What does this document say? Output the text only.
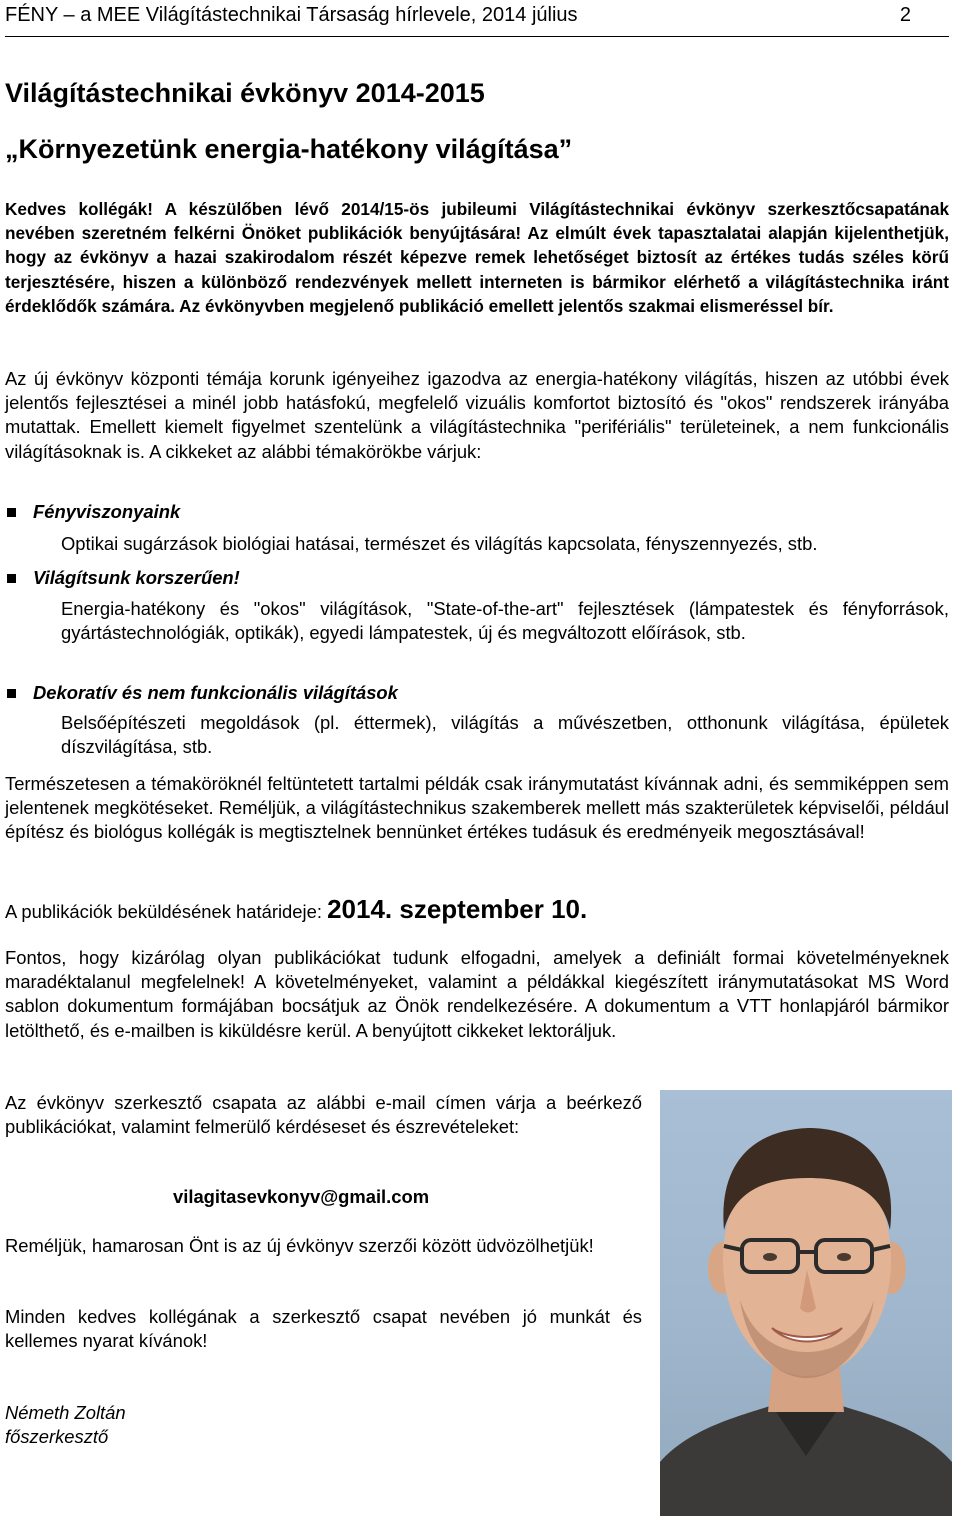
FÉNY – a MEE Világítástechnikai Társaság hírlevele, 2014 július	2
Világítástechnikai évkönyv 2014-2015
„Környezetünk energia-hatékony világítása”
Kedves kollégák! A készülőben lévő 2014/15-ös jubileumi Világítástechnikai évkönyv szerkesztőcsapatának nevében szeretném felkérni Önöket publikációk benyújtására! Az elmúlt évek tapasztalatai alapján kijelenthetjük, hogy az évkönyv a hazai szakirodalom részét képezve remek lehetőséget biztosít az értékes tudás széles körű terjesztésére, hiszen a különböző rendezvények mellett interneten is bármikor elérhető a világítástechnika iránt érdeklődők számára. Az évkönyvben megjelenő publikáció emellett jelentős szakmai elismeréssel bír.
Az új évkönyv központi témája korunk igényeihez igazodva az energia-hatékony világítás, hiszen az utóbbi évek jelentős fejlesztései a minél jobb hatásfokú, megfelelő vizuális komfortot biztosító és "okos" rendszerek irányába mutattak. Emellett kiemelt figyelmet szentelünk a világítástechnika "perifériális" területeinek, a nem funkcionális világításoknak is. A cikkeket az alábbi témakörökbe várjuk:
Fényviszonyaink
Optikai sugárzások biológiai hatásai, természet és világítás kapcsolata, fényszennyezés, stb.
Világítsunk korszerűen!
Energia-hatékony és "okos" világítások, "State-of-the-art" fejlesztések (lámpatestek és fényforrások, gyártástechnológiák, optikák), egyedi lámpatestek, új és megváltozott előírások, stb.
Dekoratív és nem funkcionális világítások
Belsőépítészeti megoldások (pl. éttermek), világítás a művészetben, otthonunk világítása, épületek díszvilágítása, stb.
Természetesen a témaköröknél feltüntetett tartalmi példák csak iránymutatást kívánnak adni, és semmiképpen sem jelentenek megkötéseket. Reméljük, a világítástechnikus szakemberek mellett más szakterületek képviselői, például építész és biológus kollégák is megtisztelnek bennünket értékes tudásuk és eredményeik megosztásával!
A publikációk beküldésének határideje: 2014. szeptember 10.
Fontos, hogy kizárólag olyan publikációkat tudunk elfogadni, amelyek a definiált formai követelményeknek maradéktalanul megfelelnek! A követelményeket, valamint a példákkal kiegészített iránymutatásokat MS Word sablon dokumentum formájában bocsátjuk az Önök rendelkezésére. A dokumentum a VTT honlapjáról bármikor letölthető, és e-mailben is kiküldésre kerül. A benyújtott cikkeket lektoráljuk.
Az évkönyv szerkesztő csapata az alábbi e-mail címen várja a beérkező publikációkat, valamint felmerülő kérdéseset és észrevételeket:
vilagitasevkonyv@gmail.com
Reméljük, hamarosan Önt is az új évkönyv szerzői között üdvözölhetjük!
Minden kedves kollégának a szerkesztő csapat nevében jó munkát és kellemes nyarat kívánok!
Németh Zoltán
főszerkesztő
